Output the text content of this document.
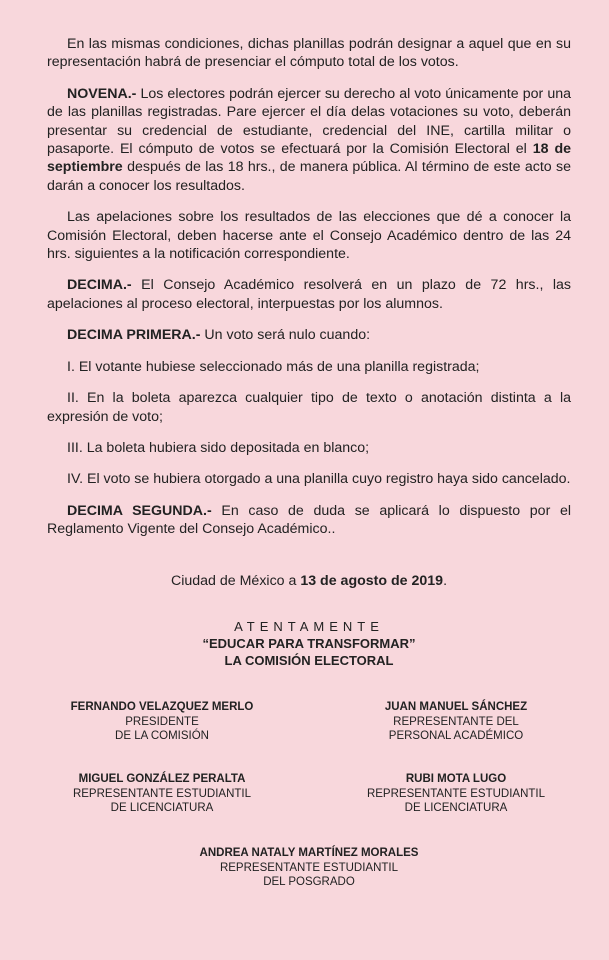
En las mismas condiciones, dichas planillas podrán designar a aquel que en su representación habrá de presenciar el cómputo total de los votos.

NOVENA.- Los electores podrán ejercer su derecho al voto únicamente por una de las planillas registradas. Pare ejercer el día delas votaciones su voto, deberán presentar su credencial de estudiante, credencial del INE, cartilla militar o pasaporte. El cómputo de votos se efectuará por la Comisión Electoral el 18 de septiembre después de las 18 hrs., de manera pública. Al término de este acto se darán a conocer los resultados.

Las apelaciones sobre los resultados de las elecciones que dé a conocer la Comisión Electoral, deben hacerse ante el Consejo Académico dentro de las 24 hrs. siguientes a la notificación correspondiente.

DECIMA.- El Consejo Académico resolverá en un plazo de 72 hrs., las apelaciones al proceso electoral, interpuestas por los alumnos.

DECIMA PRIMERA.- Un voto será nulo cuando:

I. El votante hubiese seleccionado más de una planilla registrada;

II. En la boleta aparezca cualquier tipo de texto o anotación distinta a la expresión de voto;

III. La boleta hubiera sido depositada en blanco;

IV. El voto se hubiera otorgado a una planilla cuyo registro haya sido cancelado.

DECIMA SEGUNDA.- En caso de duda se aplicará lo dispuesto por el Reglamento Vigente del Consejo Académico..

Ciudad de México a 13 de agosto de 2019.

ATENTAMENTE
“EDUCAR PARA TRANSFORMAR”
LA COMISIÓN ELECTORAL
FERNANDO VELAZQUEZ MERLO
PRESIDENTE
DE LA COMISIÓN
JUAN MANUEL SÁNCHEZ
REPRESENTANTE DEL
PERSONAL ACADÉMICO
MIGUEL GONZÁLEZ PERALTA
REPRESENTANTE ESTUDIANTIL
DE LICENCIATURA
RUBI MOTA LUGO
REPRESENTANTE ESTUDIANTIL
DE LICENCIATURA
ANDREA NATALY MARTÍNEZ MORALES
REPRESENTANTE ESTUDIANTIL
DEL POSGRADO
